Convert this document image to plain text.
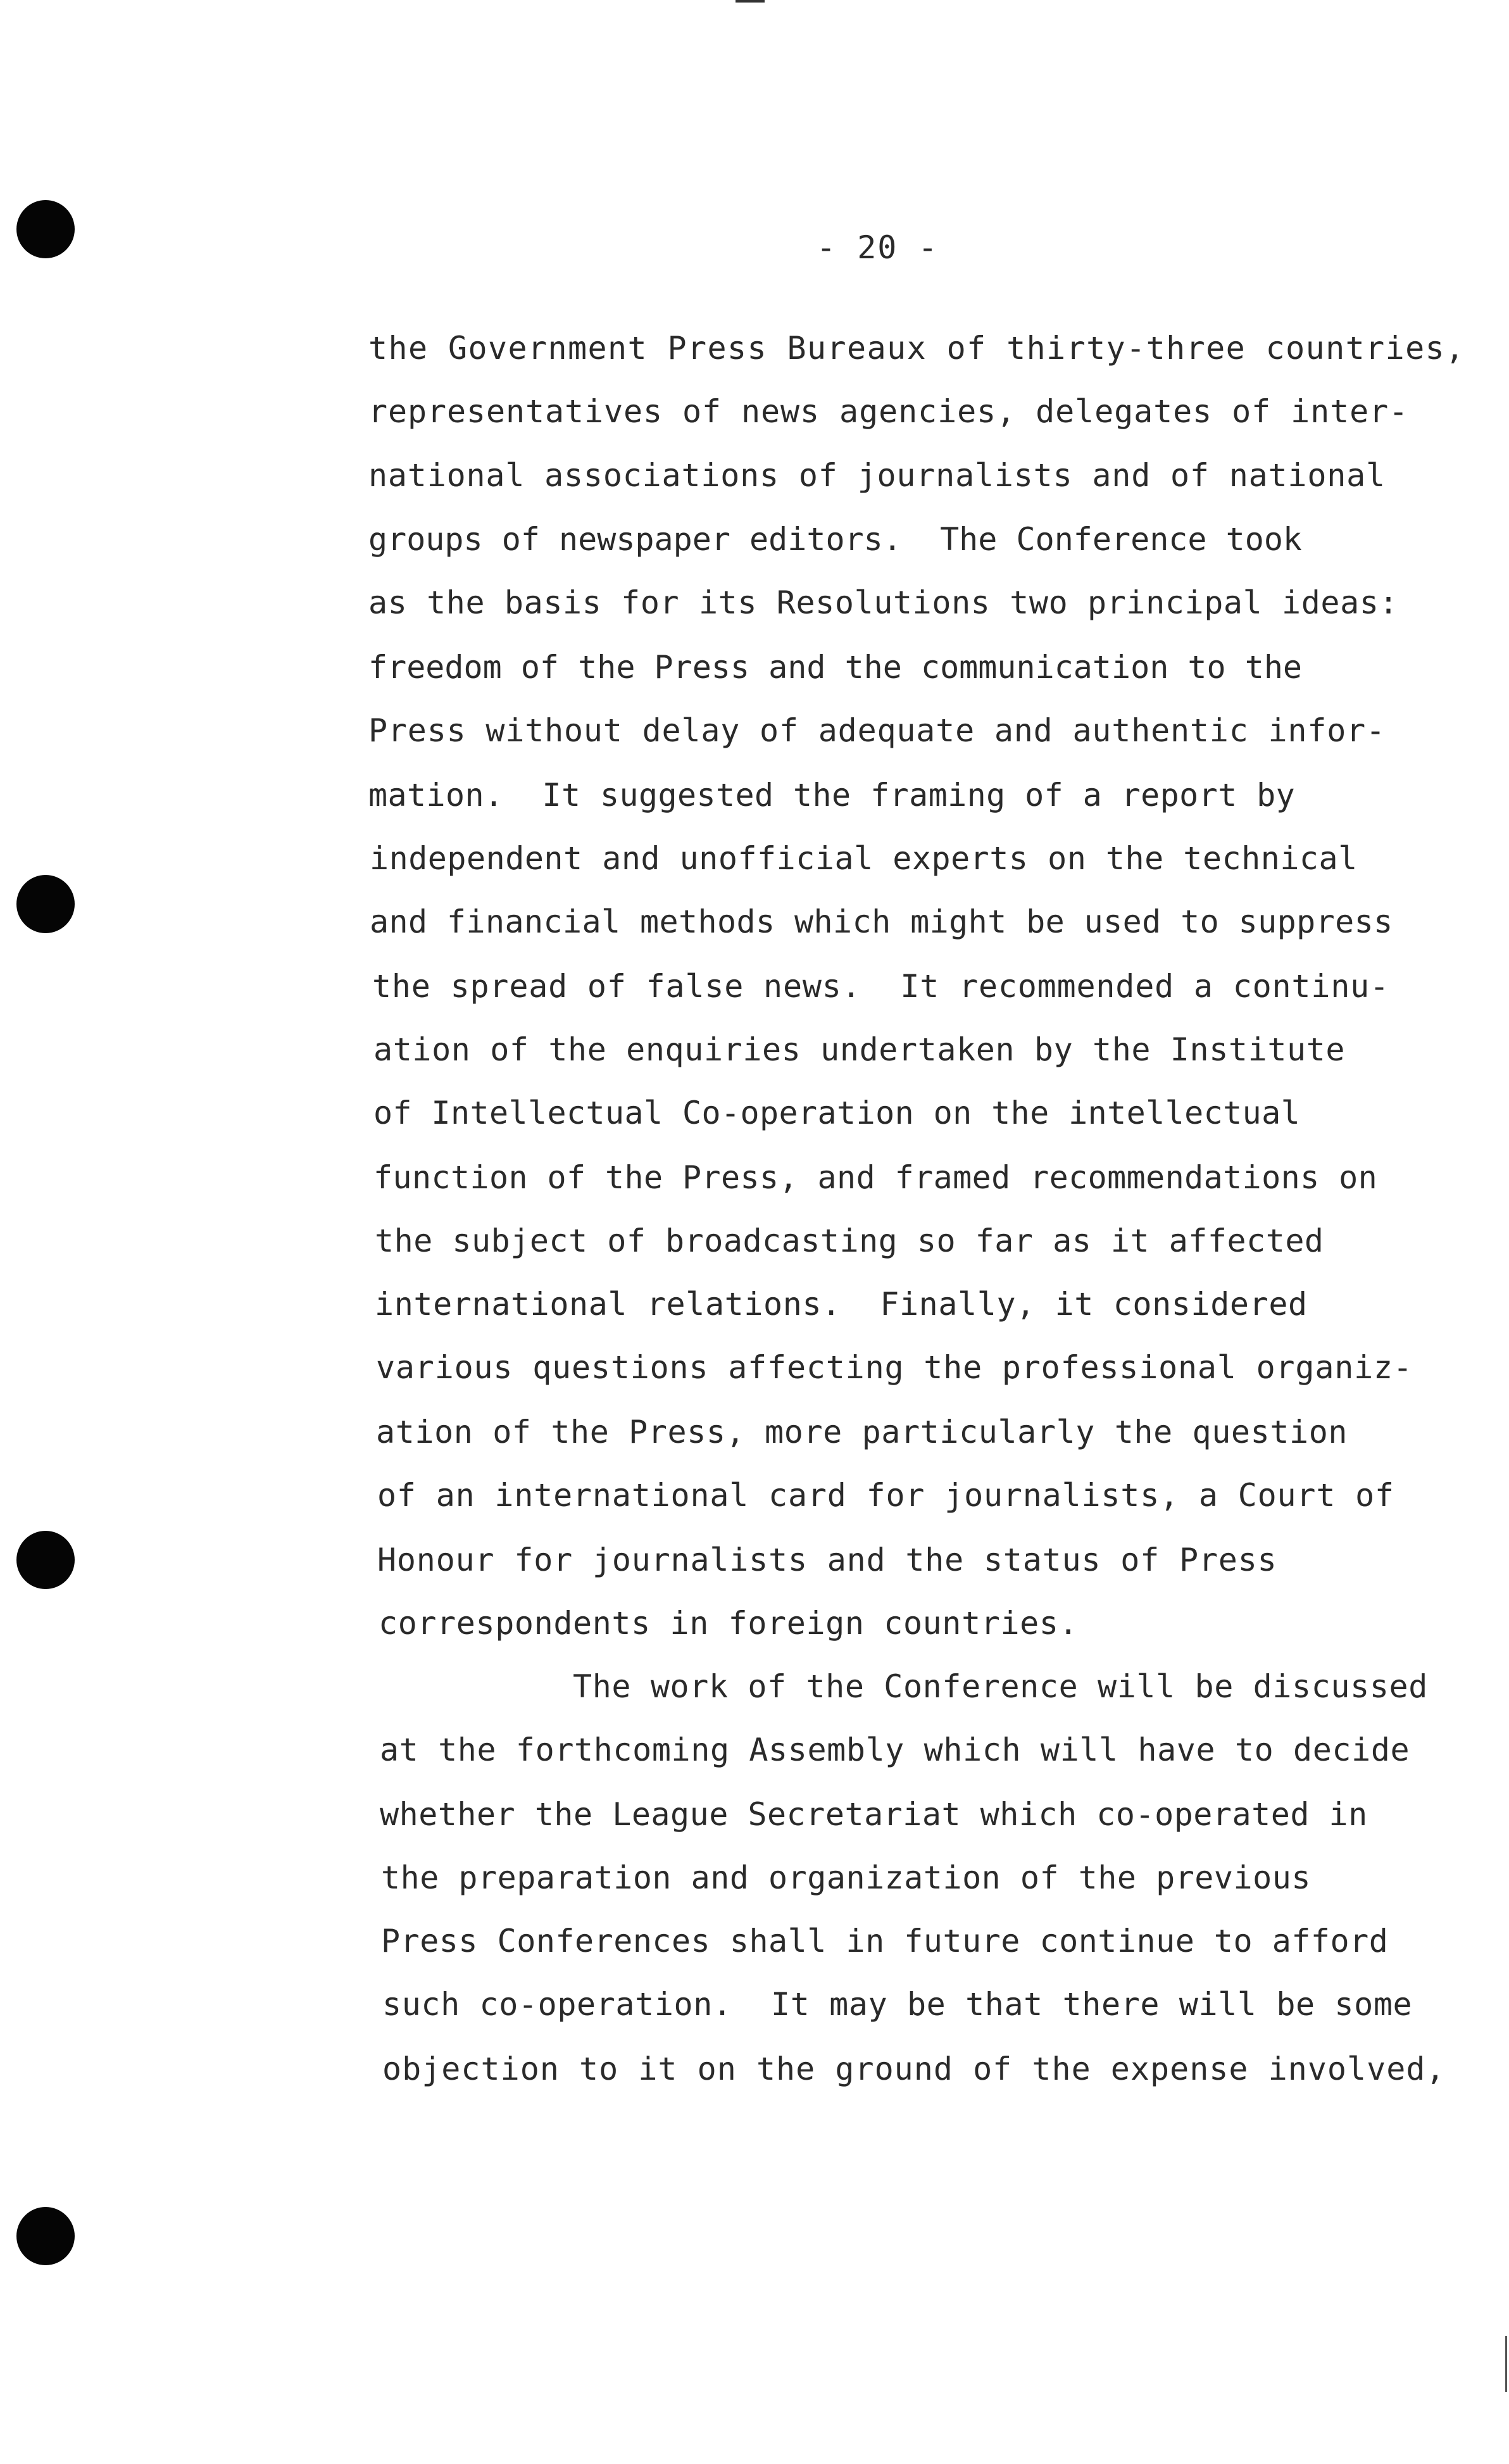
- 20 -
the Government Press Bureaux of thirty-three countries,
representatives of news agencies, delegates of inter-
national associations of journalists and of national
groups of newspaper editors.  The Conference took
as the basis for its Resolutions two principal ideas:
freedom of the Press and the communication to the
Press without delay of adequate and authentic infor-
mation.  It suggested the framing of a report by
independent and unofficial experts on the technical
and financial methods which might be used to suppress
the spread of false news.  It recommended a continu-
ation of the enquiries undertaken by the Institute
of Intellectual Co-operation on the intellectual
function of the Press, and framed recommendations on
the subject of broadcasting so far as it affected
international relations.  Finally, it considered
various questions affecting the professional organiz-
ation of the Press, more particularly the question
of an international card for journalists, a Court of
Honour for journalists and the status of Press
correspondents in foreign countries.
The work of the Conference will be discussed
at the forthcoming Assembly which will have to decide
whether the League Secretariat which co-operated in
the preparation and organization of the previous
Press Conferences shall in future continue to afford
such co-operation.  It may be that there will be some
objection to it on the ground of the expense involved,
